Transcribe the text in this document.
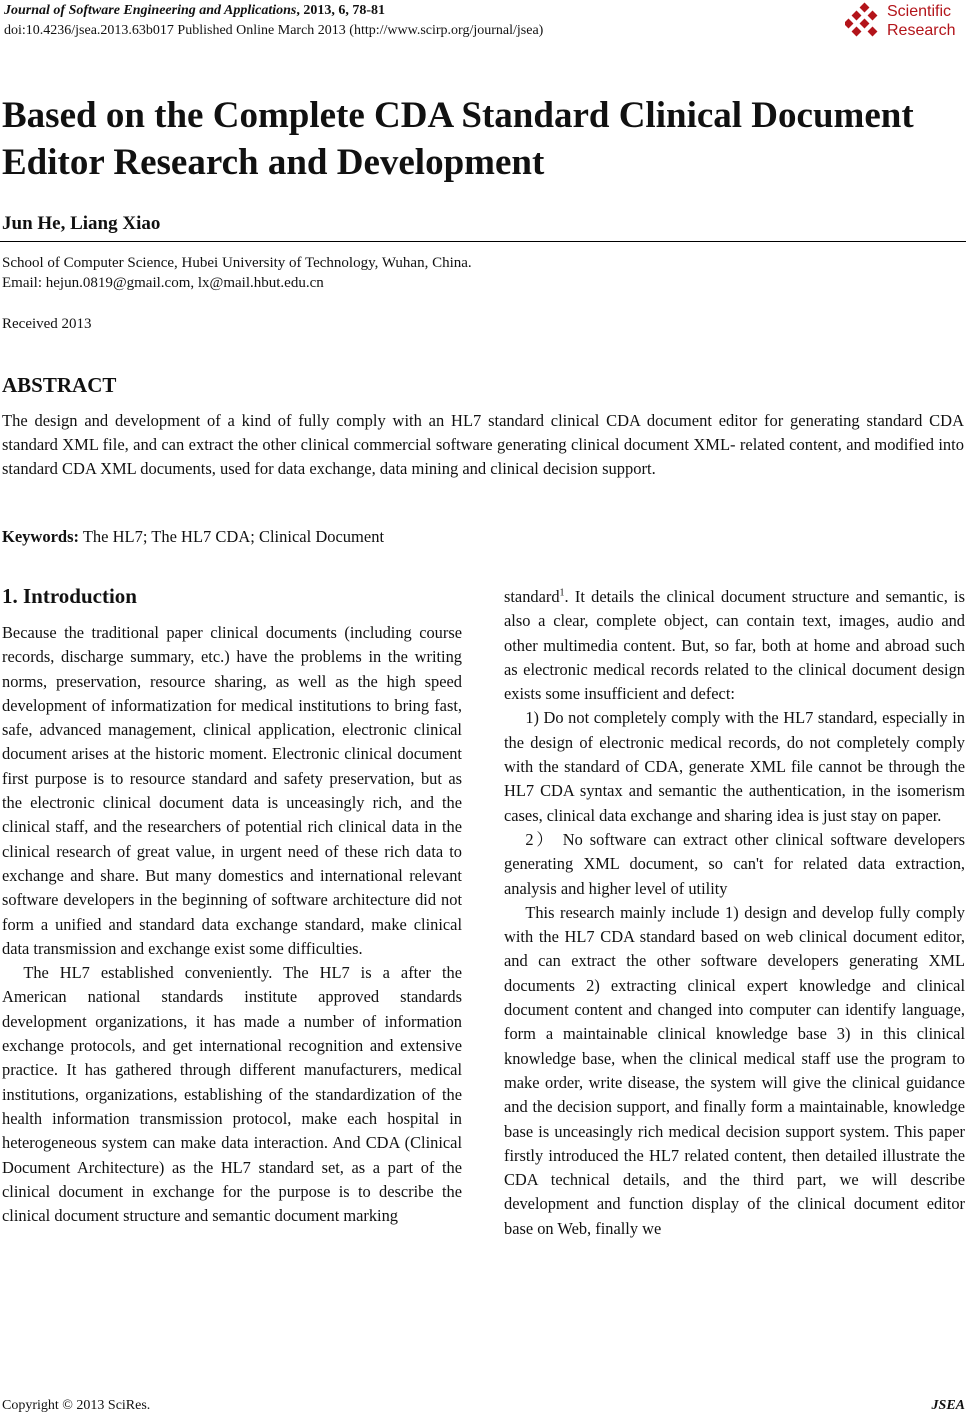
Journal of Software Engineering and Applications, 2013, 6, 78-81
doi:10.4236/jsea.2013.63b017 Published Online March 2013 (http://www.scirp.org/journal/jsea)
Scientific
Research
Based on the Complete CDA Standard Clinical Document Editor Research and Development
Jun He, Liang Xiao
School of Computer Science, Hubei University of Technology, Wuhan, China.
Email: hejun.0819@gmail.com, lx@mail.hbut.edu.cn
Received 2013
ABSTRACT
The design and development of a kind of fully comply with an HL7 standard clinical CDA document editor for generating standard CDA standard XML file, and can extract the other clinical commercial software generating clinical document XML- related content, and modified into standard CDA XML documents, used for data exchange, data mining and clinical decision support.
Keywords: The HL7; The HL7 CDA; Clinical Document
1. Introduction

Because the traditional paper clinical documents (including course records, discharge summary, etc.) have the problems in the writing norms, preservation, resource sharing, as well as the high speed development of informatization for medical institutions to bring fast, safe, advanced management, clinical application, electronic clinical document arises at the historic moment. Electronic clinical document first purpose is to resource standard and safety preservation, but as the electronic clinical document data is unceasingly rich, and the clinical staff, and the researchers of potential rich clinical data in the clinical research of great value, in urgent need of these rich data to exchange and share. But many domestics and international relevant software developers in the beginning of software architecture did not form a unified and standard data exchange standard, make clinical data transmission and exchange exist some difficulties.

The HL7 established conveniently. The HL7 is a after the American national standards institute approved standards development organizations, it has made a number of information exchange protocols, and get international recognition and extensive practice. It has gathered through different manufacturers, medical institutions, organizations, establishing of the standardization of the health information transmission protocol, make each hospital in heterogeneous system can make data interaction. And CDA (Clinical Document Architecture) as the HL7 standard set, as a part of the clinical document in exchange for the purpose is to describe the clinical document structure and semantic document marking

standard$^1$. It details the clinical document structure and semantic, is also a clear, complete object, can contain text, images, audio and other multimedia content. But, so far, both at home and abroad such as electronic medical records related to the clinical document design exists some insufficient and defect:

1) Do not completely comply with the HL7 standard, especially in the design of electronic medical records, do not completely comply with the standard of CDA, generate XML file cannot be through the HL7 CDA syntax and semantic the authentication, in the isomerism cases, clinical data exchange and sharing idea is just stay on paper.

2） No software can extract other clinical software developers generating XML document, so can't for related data extraction, analysis and higher level of utility

This research mainly include 1) design and develop fully comply with the HL7 CDA standard based on web clinical document editor, and can extract the other software developers generating XML documents 2) extracting clinical expert knowledge and clinical document content and changed into computer can identify language, form a maintainable clinical knowledge base 3) in this clinical knowledge base, when the clinical medical staff use the program to make order, write disease, the system will give the clinical guidance and the decision support, and finally form a maintainable, knowledge base is unceasingly rich medical decision support system. This paper firstly introduced the HL7 related content, then detailed illustrate the CDA technical details, and the third part, we will describe development and function display of the clinical document editor base on Web, finally we

Copyright © 2013 SciRes.	JSEA
